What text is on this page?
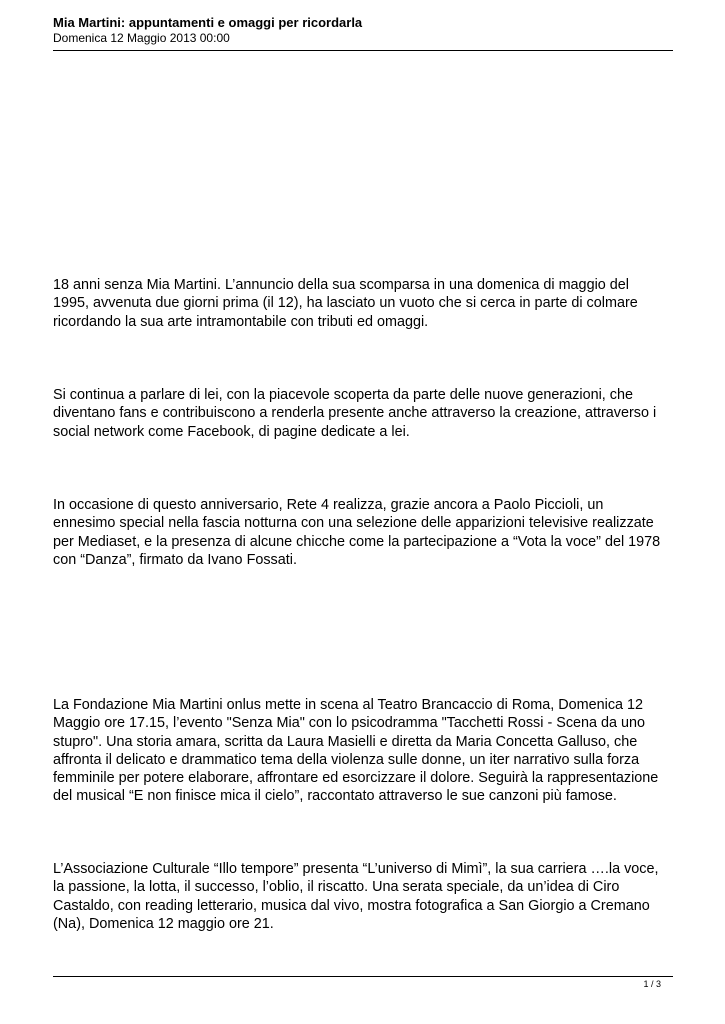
Mia Martini: appuntamenti e omaggi per ricordarla

Domenica 12 Maggio 2013 00:00

18 anni senza Mia Martini. L’annuncio della sua scomparsa in una domenica di maggio del
1995, avvenuta due giorni prima (il 12), ha lasciato un vuoto che si cerca in parte di colmare
ricordando la sua arte intramontabile con tributi ed omaggi.

Si continua a parlare di lei, con la piacevole scoperta da parte delle nuove generazioni, che
diventano fans e contribuiscono a renderla presente anche attraverso la creazione, attraverso i
social network come Facebook, di pagine dedicate a lei.

In occasione di questo anniversario, Rete 4 realizza, grazie ancora a Paolo Piccioli, un
ennesimo special nella fascia notturna con una selezione delle apparizioni televisive realizzate
per Mediaset, e la presenza di alcune chicche come la partecipazione a “Vota la voce” del 1978
con “Danza”, firmato da Ivano Fossati.

La Fondazione Mia Martini onlus mette in scena al Teatro Brancaccio di Roma, Domenica 12
Maggio ore 17.15, l’evento "Senza Mia" con lo psicodramma "Tacchetti Rossi - Scena da uno
stupro". Una storia amara, scritta da Laura Masielli e diretta da Maria Concetta Galluso, che
affronta il delicato e drammatico tema della violenza sulle donne, un iter narrativo sulla forza
femminile per potere elaborare, affrontare ed esorcizzare il dolore. Seguirà la rappresentazione
del musical “E non finisce mica il cielo”, raccontato attraverso le sue canzoni più famose.

L’Associazione Culturale “Illo tempore” presenta “L’universo di Mimì”, la sua carriera ….la voce,
la passione, la lotta, il successo, l’oblio, il riscatto. Una serata speciale, da un’idea di Ciro
Castaldo, con reading letterario, musica dal vivo, mostra fotografica a San Giorgio a Cremano
(Na), Domenica 12 maggio ore 21.

1 / 3
